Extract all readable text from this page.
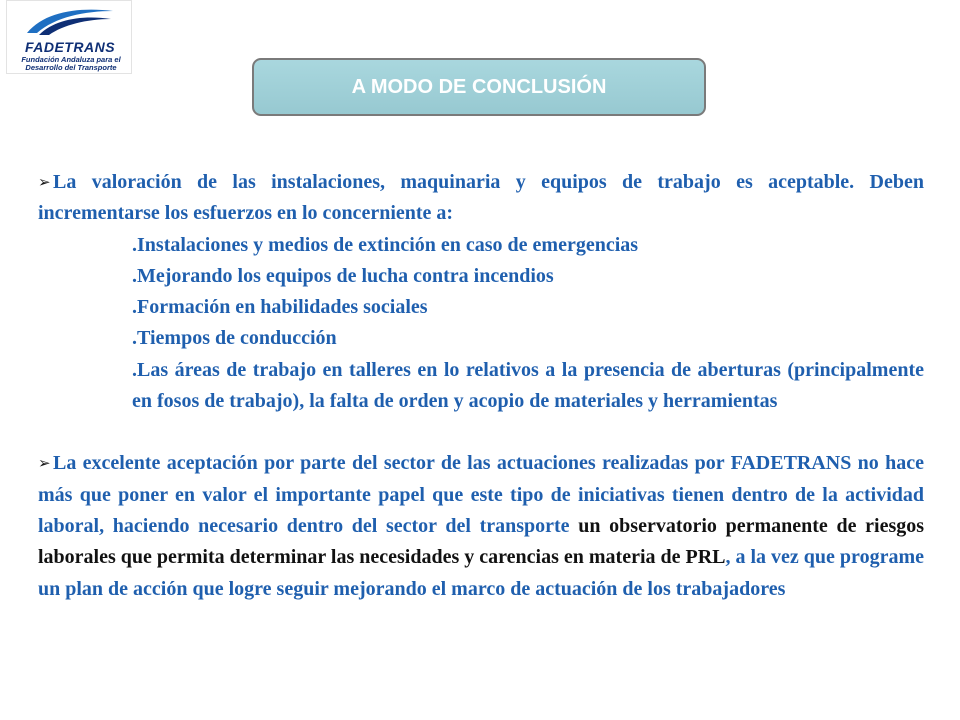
FADETRANS
Fundación Andaluza para el
Desarrollo del Transporte
A MODO DE CONCLUSIÓN
➢ La valoración de las instalaciones, maquinaria y equipos de trabajo es aceptable. Deben incrementarse los esfuerzos en lo concerniente a:
.Instalaciones y medios de extinción en caso de emergencias
.Mejorando los equipos de lucha contra incendios
.Formación en habilidades sociales
.Tiempos de conducción
.Las áreas de trabajo en talleres en lo relativos a la presencia de aberturas (principalmente en fosos de trabajo), la falta de orden y acopio de materiales y herramientas
➢ La excelente aceptación por parte del sector de las actuaciones realizadas por FADETRANS no hace más que poner en valor el importante papel que este tipo de iniciativas tienen dentro de la actividad laboral, haciendo necesario dentro del sector del transporte un observatorio permanente de riesgos laborales que permita determinar las necesidades y carencias en materia de PRL, a la vez que programe un plan de acción que logre seguir mejorando el marco de actuación de los trabajadores
